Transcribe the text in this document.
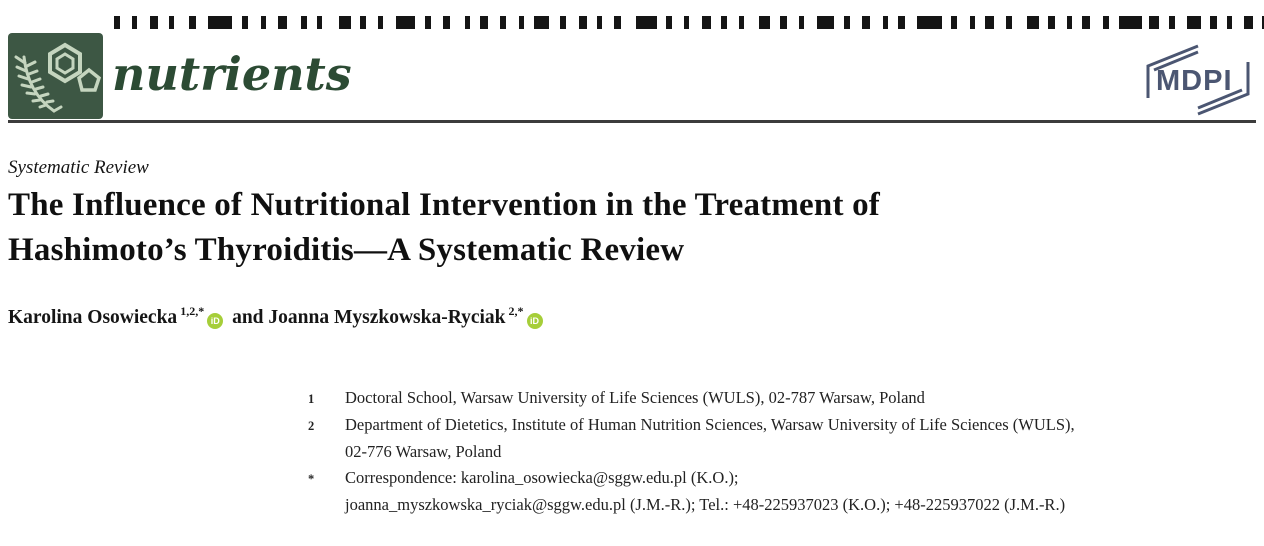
nutrients	MDPI
Systematic Review
The Influence of Nutritional Intervention in the Treatment of
Hashimoto’s Thyroiditis—A Systematic Review
Karolina Osowiecka $^{1,2,*}$iD and Joanna Myszkowska-Ryciak $^{2,*}$iD
1	Doctoral School, Warsaw University of Life Sciences (WULS), 02-787 Warsaw, Poland
2	Department of Dietetics, Institute of Human Nutrition Sciences, Warsaw University of Life Sciences (WULS),
02-776 Warsaw, Poland
*	Correspondence: karolina_osowiecka@sggw.edu.pl (K.O.);
joanna_myszkowska_ryciak@sggw.edu.pl (J.M.-R.); Tel.: +48-225937023 (K.O.); +48-225937022 (J.M.-R.)
